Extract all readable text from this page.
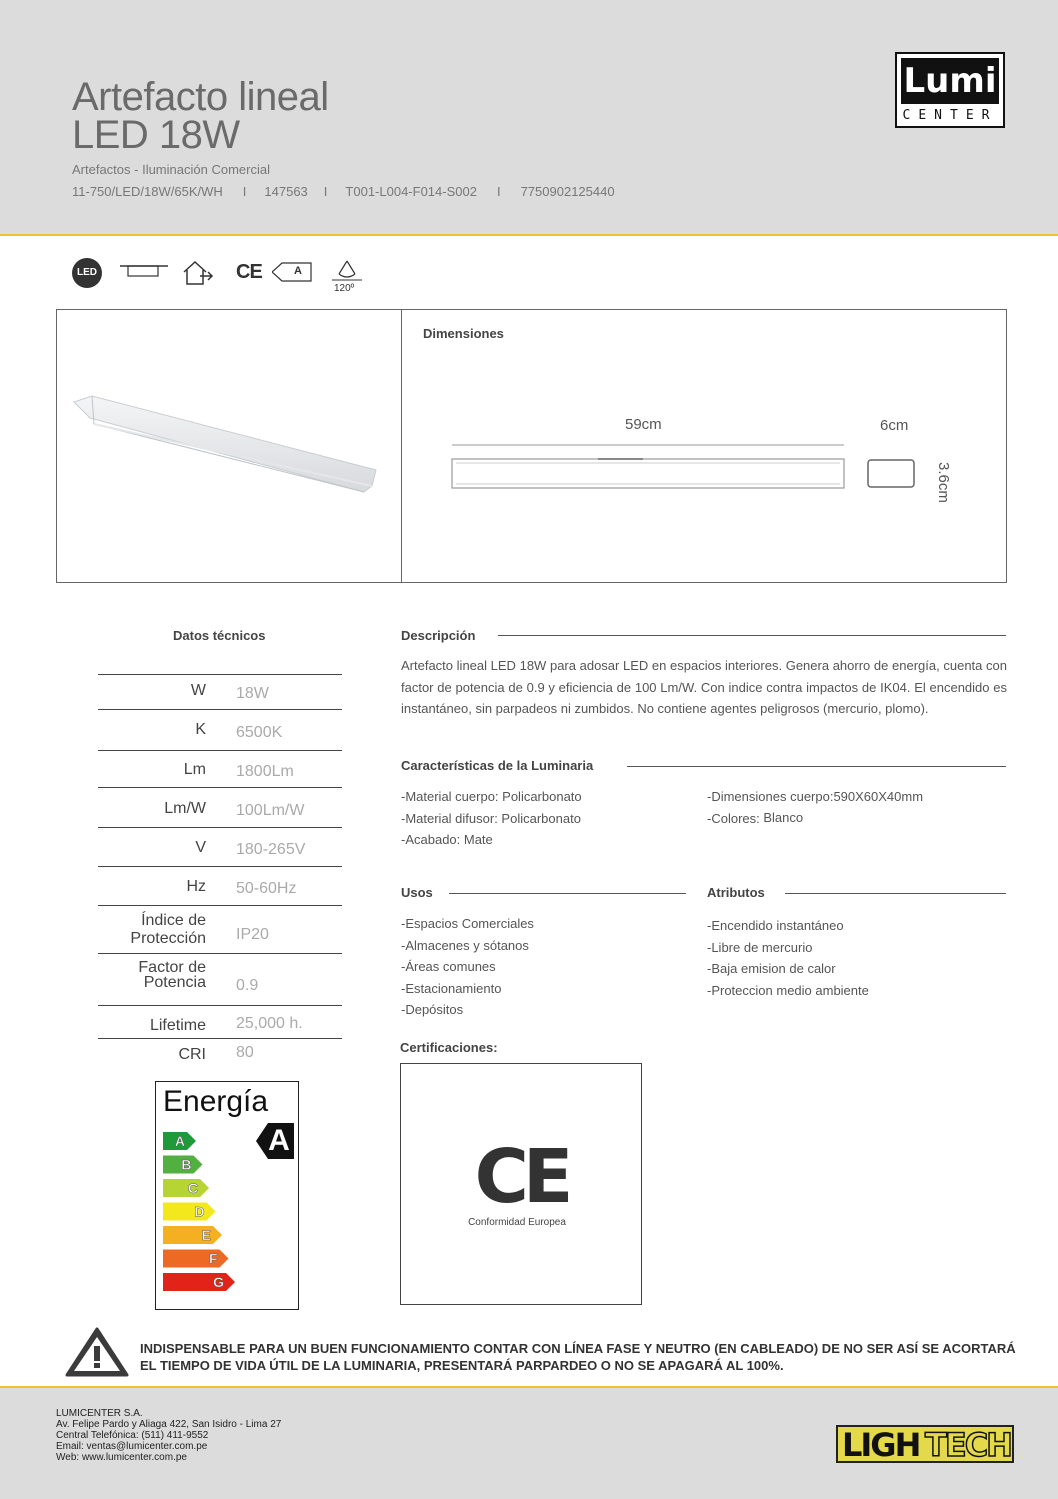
Artefacto lineal
LED 18W
Artefactos - Iluminación Comercial
11-750/LED/18W/65K/WH I 147563 I T001-L004-F014-S002 I 7750902125440
Lumi
CENTER
LED	CE	A
120º
Dimensiones
59cm	6cm
3.6cm
Datos técnicos
W 18W
K 6500K
Lm 1800Lm
Lm/W 100Lm/W
V 180-265V
Hz 50-60Hz
Índice de
Protección IP20
Factor de
Potencia 0.9
Lifetime 25,000 h.
CRI 80
Energía
A
B
C
D
E
F
G
A
Descripción
Artefacto lineal LED 18W para adosar LED en espacios interiores. Genera ahorro de energía, cuenta con factor de potencia de 0.9 y eficiencia de 100 Lm/W. Con indice contra impactos de IK04. El encendido es instantáneo, sin parpadeos ni zumbidos. No contiene agentes peligrosos (mercurio, plomo).
Características de la Luminaria
-Material cuerpo: Policarbonato
-Material difusor: Policarbonato
-Acabado: Mate
-Dimensiones cuerpo:590X60X40mm
-Colores: Blanco
Usos
-Espacios Comerciales
-Almacenes y sótanos
-Áreas comunes
-Estacionamiento
-Depósitos
Atributos
-Encendido instantáneo
-Libre de mercurio
-Baja emision de calor
-Proteccion medio ambiente
Certificaciones:
CE
Conformidad Europea
INDISPENSABLE PARA UN BUEN FUNCIONAMIENTO CONTAR CON LÍNEA FASE Y NEUTRO (EN CABLEADO) DE NO SER ASÍ SE ACORTARÁ EL TIEMPO DE VIDA ÚTIL DE LA LUMINARIA, PRESENTARÁ PARPARDEO O NO SE APAGARÁ AL 100%.
LUMICENTER S.A.
Av. Felipe Pardo y Aliaga 422, San Isidro - Lima 27
Central Telefónica: (511) 411-9552
Email: ventas@lumicenter.com.pe
Web: www.lumicenter.com.pe	LIGH TECH
